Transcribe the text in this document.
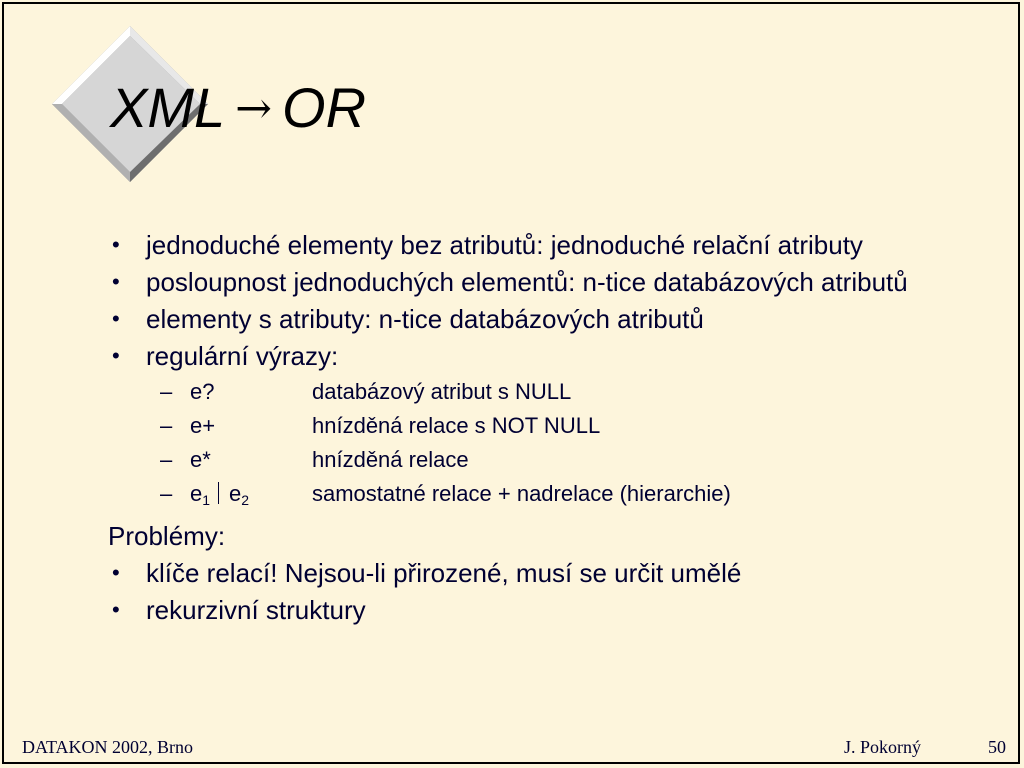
XML → OR
• jednoduché elementy bez atributů: jednoduché relační atributy
• posloupnost jednoduchých elementů: n-tice databázových atributů
• elementy s atributy: n-tice databázových atributů
• regulární výrazy:
– e?	databázový atribut s NULL
– e+	hnízděná relace s NOT NULL
– e*	hnízděná relace
– $e_1$ $e_2$	samostatné relace + nadrelace (hierarchie)
Problémy:
• klíče relací! Nejsou-li přirozené, musí se určit umělé
• rekurzivní struktury
DATAKON 2002, Brno	J. Pokorný	50
